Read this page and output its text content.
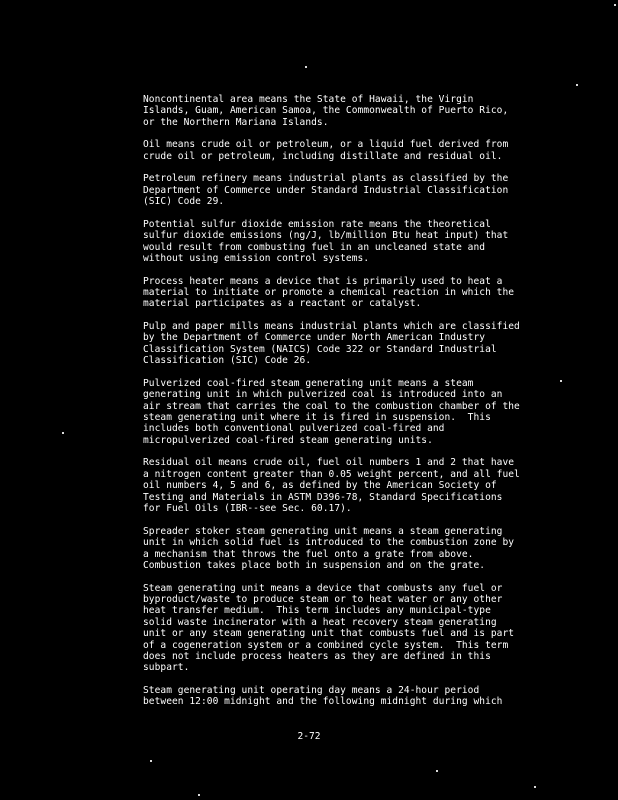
Noncontinental area means the State of Hawaii, the Virgin
Islands, Guam, American Samoa, the Commonwealth of Puerto Rico,
or the Northern Mariana Islands.

Oil means crude oil or petroleum, or a liquid fuel derived from
crude oil or petroleum, including distillate and residual oil.

Petroleum refinery means industrial plants as classified by the
Department of Commerce under Standard Industrial Classification
(SIC) Code 29.

Potential sulfur dioxide emission rate means the theoretical
sulfur dioxide emissions (ng/J, lb/million Btu heat input) that
would result from combusting fuel in an uncleaned state and
without using emission control systems.

Process heater means a device that is primarily used to heat a
material to initiate or promote a chemical reaction in which the
material participates as a reactant or catalyst.

Pulp and paper mills means industrial plants which are classified
by the Department of Commerce under North American Industry
Classification System (NAICS) Code 322 or Standard Industrial
Classification (SIC) Code 26.

Pulverized coal-fired steam generating unit means a steam
generating unit in which pulverized coal is introduced into an
air stream that carries the coal to the combustion chamber of the
steam generating unit where it is fired in suspension.  This
includes both conventional pulverized coal-fired and
micropulverized coal-fired steam generating units.

Residual oil means crude oil, fuel oil numbers 1 and 2 that have
a nitrogen content greater than 0.05 weight percent, and all fuel
oil numbers 4, 5 and 6, as defined by the American Society of
Testing and Materials in ASTM D396-78, Standard Specifications
for Fuel Oils (IBR--see Sec. 60.17).

Spreader stoker steam generating unit means a steam generating
unit in which solid fuel is introduced to the combustion zone by
a mechanism that throws the fuel onto a grate from above.
Combustion takes place both in suspension and on the grate.

Steam generating unit means a device that combusts any fuel or
byproduct/waste to produce steam or to heat water or any other
heat transfer medium.  This term includes any municipal-type
solid waste incinerator with a heat recovery steam generating
unit or any steam generating unit that combusts fuel and is part
of a cogeneration system or a combined cycle system.  This term
does not include process heaters as they are defined in this
subpart.

Steam generating unit operating day means a 24-hour period
between 12:00 midnight and the following midnight during which

2-72
